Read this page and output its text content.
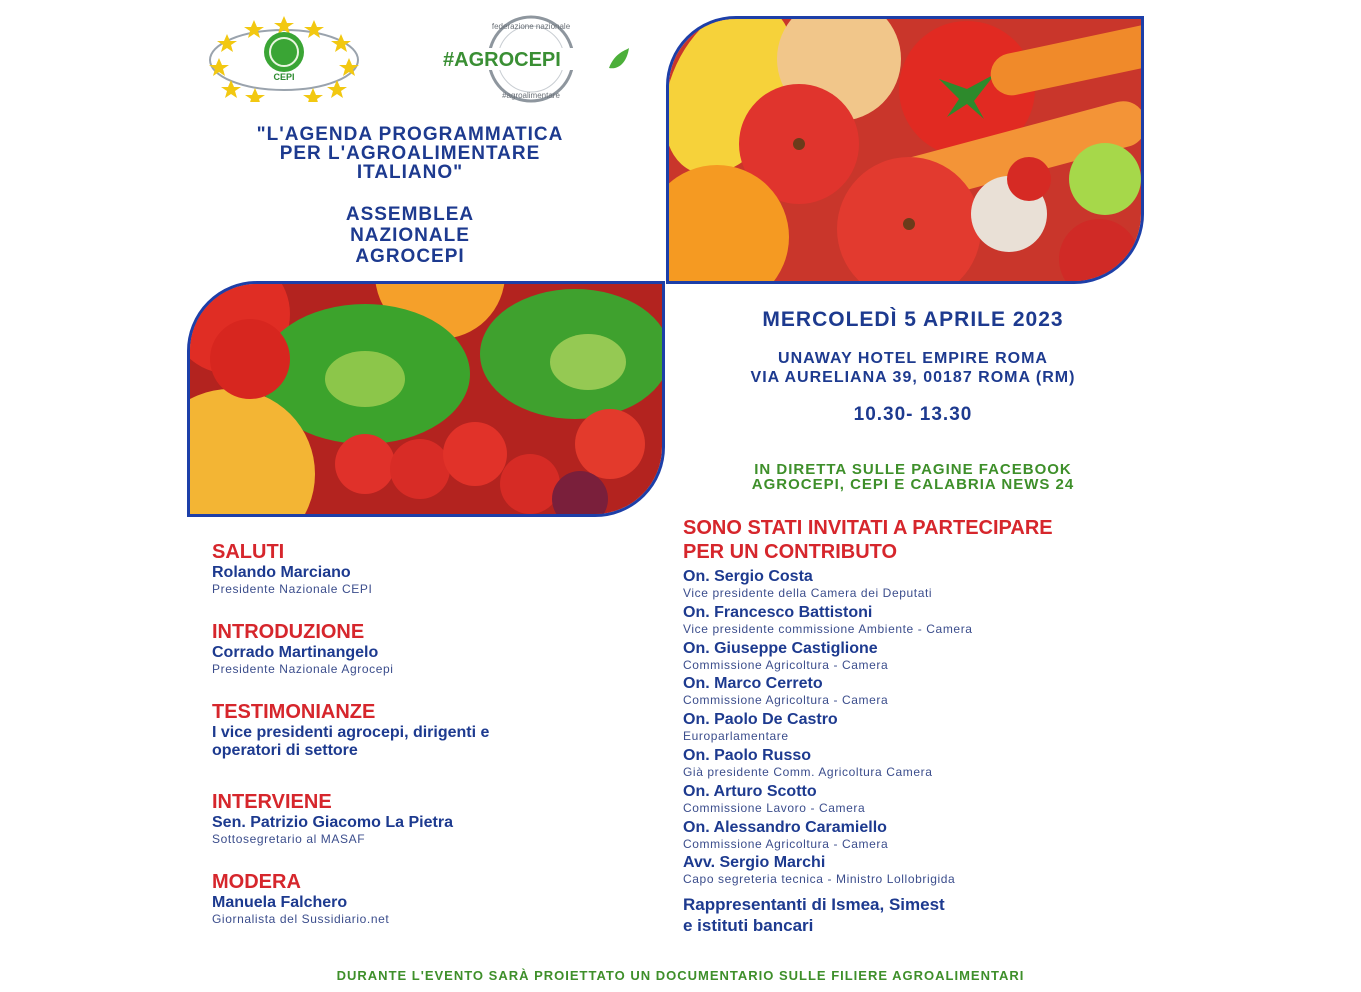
CEPI
federazione nazionale
#agroalimentare
#AGROCEPI
"L'AGENDA PROGRAMMATICA
PER L'AGROALIMENTARE
ITALIANO"
ASSEMBLEA
NAZIONALE
AGROCEPI
MERCOLEDÌ 5 APRILE 2023
UNAWAY HOTEL EMPIRE ROMA
VIA AURELIANA 39, 00187 ROMA (RM)
10.30- 13.30
IN DIRETTA SULLE PAGINE FACEBOOK
AGROCEPI, CEPI E CALABRIA NEWS 24
SALUTI
Rolando Marciano
Presidente Nazionale CEPI
INTRODUZIONE
Corrado Martinangelo
Presidente Nazionale Agrocepi
TESTIMONIANZE
I vice presidenti agrocepi, dirigenti e
operatori di settore
INTERVIENE
Sen. Patrizio Giacomo La Pietra
Sottosegretario al MASAF
MODERA
Manuela Falchero
Giornalista del Sussidiario.net
SONO STATI INVITATI A PARTECIPARE
PER UN CONTRIBUTO
On. Sergio Costa
Vice presidente della Camera dei Deputati
On. Francesco Battistoni
Vice presidente commissione Ambiente - Camera
On. Giuseppe Castiglione
Commissione Agricoltura - Camera
On. Marco Cerreto
Commissione Agricoltura - Camera
On. Paolo De Castro
Europarlamentare
On. Paolo Russo
Già presidente Comm. Agricoltura Camera
On. Arturo Scotto
Commissione Lavoro - Camera
On. Alessandro Caramiello
Commissione Agricoltura - Camera
Avv. Sergio Marchi
Capo segreteria tecnica - Ministro Lollobrigida
Rappresentanti di Ismea, Simest
e istituti bancari
DURANTE L'EVENTO SARÀ PROIETTATO UN DOCUMENTARIO SULLE FILIERE AGROALIMENTARI
